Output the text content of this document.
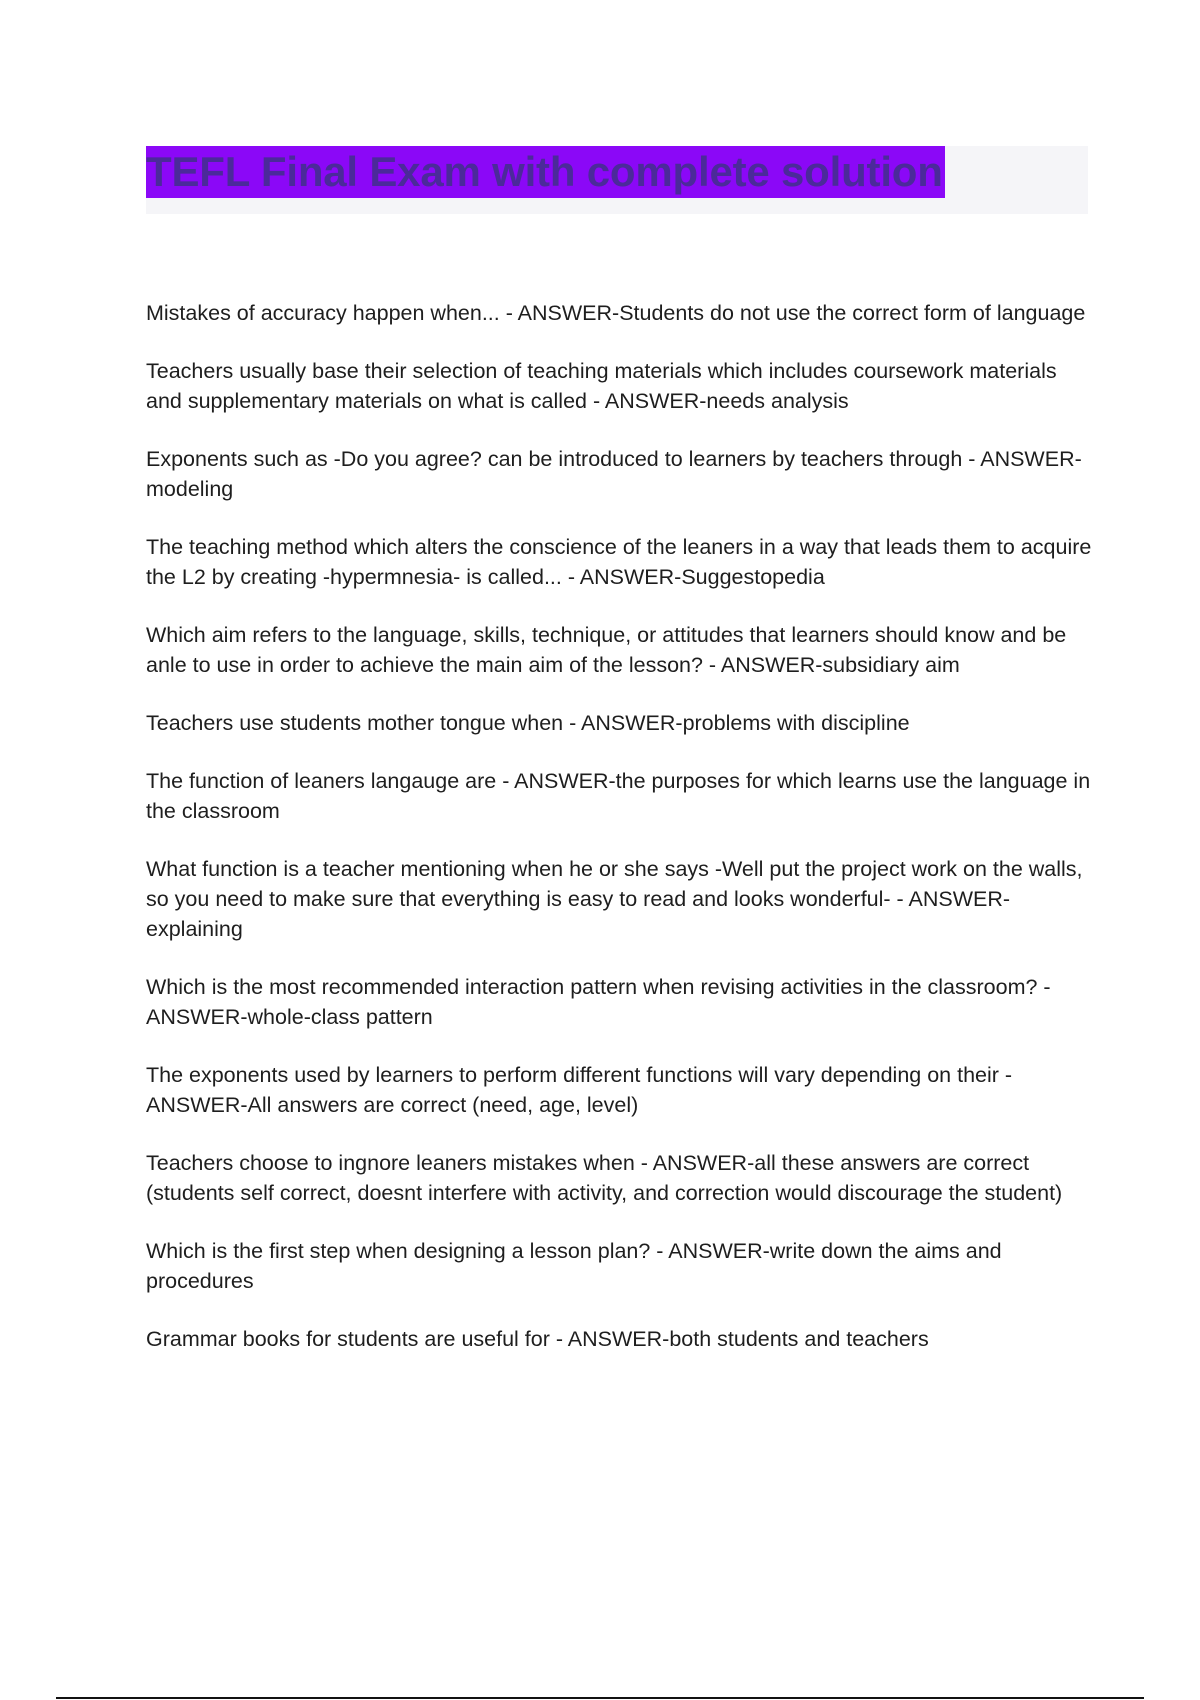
TEFL Final Exam with complete solution

Mistakes of accuracy happen when... - ANSWER-Students do not use the correct form of language

Teachers usually base their selection of teaching materials which includes coursework materials and supplementary materials on what is called - ANSWER-needs analysis

Exponents such as -Do you agree? can be introduced to learners by teachers through - ANSWER-modeling

The teaching method which alters the conscience of the leaners in a way that leads them to acquire the L2 by creating -hypermnesia- is called... - ANSWER-Suggestopedia

Which aim refers to the language, skills, technique, or attitudes that learners should know and be anle to use in order to achieve the main aim of the lesson? - ANSWER-subsidiary aim

Teachers use students mother tongue when - ANSWER-problems with discipline

The function of leaners langauge are - ANSWER-the purposes for which learns use the language in the classroom

What function is a teacher mentioning when he or she says -Well put the project work on the walls, so you need to make sure that everything is easy to read and looks wonderful- - ANSWER-explaining

Which is the most recommended interaction pattern when revising activities in the classroom? - ANSWER-whole-class pattern

The exponents used by learners to perform different functions will vary depending on their - ANSWER-All answers are correct (need, age, level)

Teachers choose to ingnore leaners mistakes when - ANSWER-all these answers are correct (students self correct, doesnt interfere with activity, and correction would discourage the student)

Which is the first step when designing a lesson plan? - ANSWER-write down the aims and procedures

Grammar books for students are useful for - ANSWER-both students and teachers
